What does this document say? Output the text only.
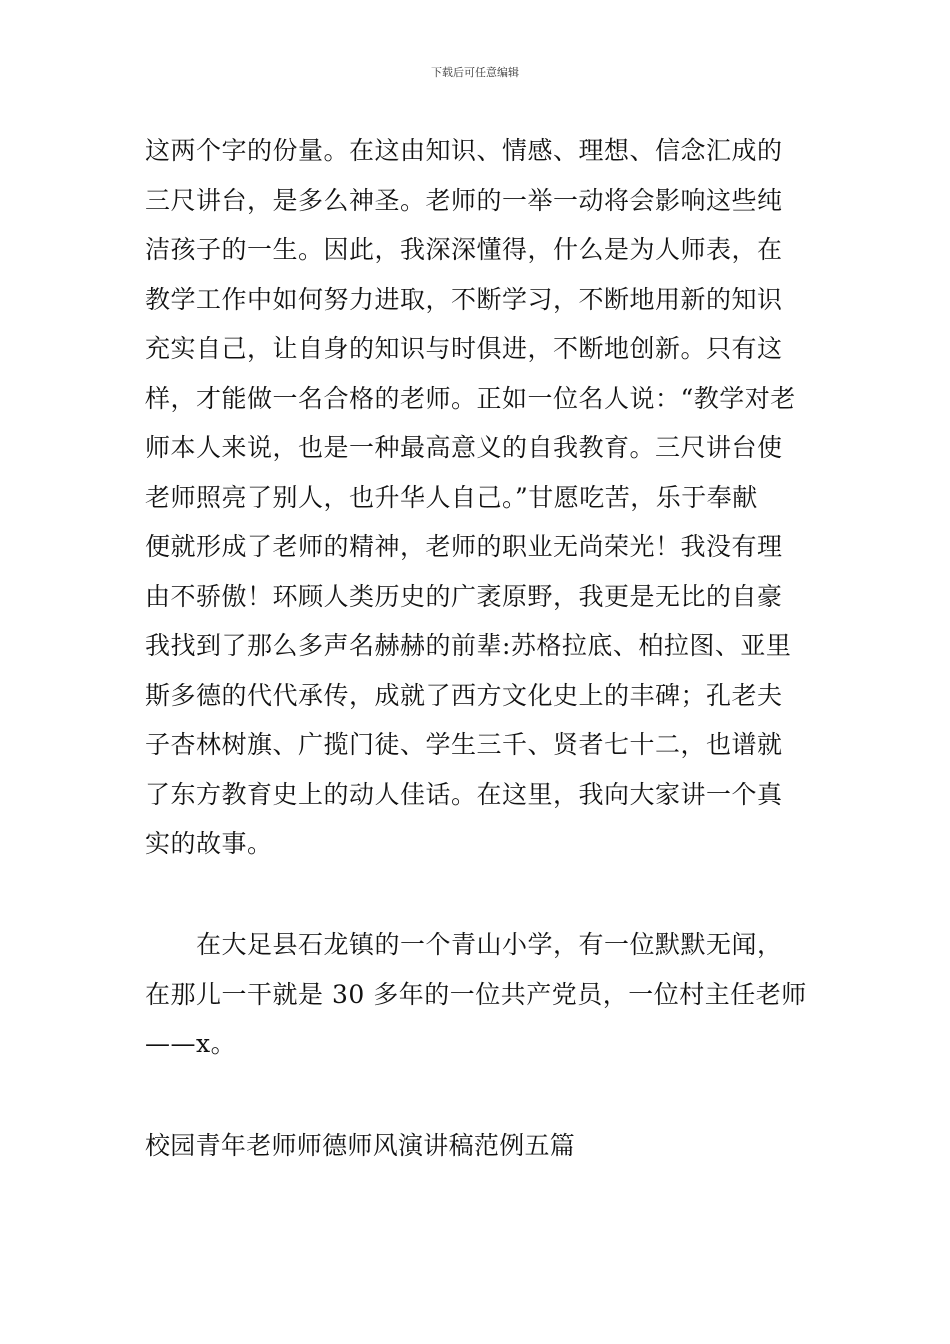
下载后可任意编辑
这两个字的份量。在这由知识、情感、理想、信念汇成的
三尺讲台，是多么神圣。老师的一举一动将会影响这些纯
洁孩子的一生。因此，我深深懂得，什么是为人师表，在
教学工作中如何努力进取，不断学习，不断地用新的知识
充实自己，让自身的知识与时俱进，不断地创新。只有这
样，才能做一名合格的老师。正如一位名人说：“教学对老
师本人来说，也是一种最高意义的自我教育。三尺讲台使
老师照亮了别人，也升华人自己。”甘愿吃苦，乐于奉献
便就形成了老师的精神，老师的职业无尚荣光！我没有理
由不骄傲！环顾人类历史的广袤原野，我更是无比的自豪
我找到了那么多声名赫赫的前辈:苏格拉底、柏拉图、亚里
斯多德的代代承传，成就了西方文化史上的丰碑；孔老夫
子杏林树旗、广揽门徒、学生三千、贤者七十二，也谱就
了东方教育史上的动人佳话。在这里，我向大家讲一个真
实的故事。
　　在大足县石龙镇的一个青山小学，有一位默默无闻，
在那儿一干就是 30 多年的一位共产党员，一位村主任老师
——x。
校园青年老师师德师风演讲稿范例五篇
